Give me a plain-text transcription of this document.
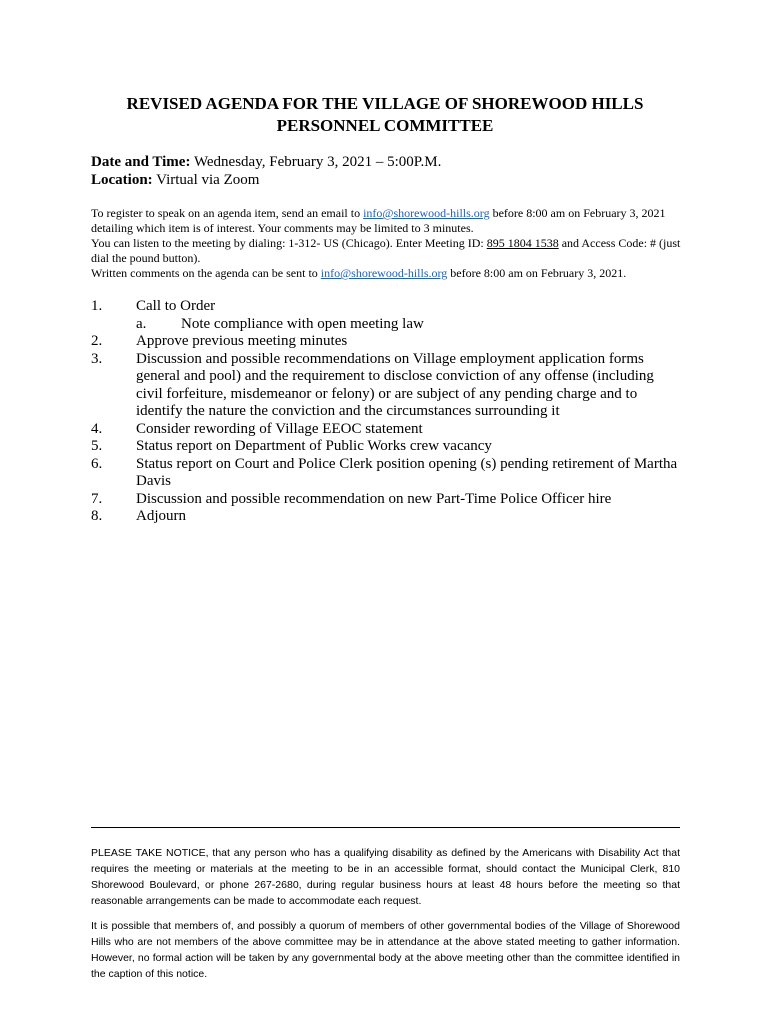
REVISED AGENDA FOR THE VILLAGE OF SHOREWOOD HILLS
PERSONNEL COMMITTEE
Date and Time: Wednesday, February 3, 2021 – 5:00P.M.
Location: Virtual via Zoom

To register to speak on an agenda item, send an email to info@shorewood-hills.org before 8:00 am on February 3, 2021 detailing which item is of interest. Your comments may be limited to 3 minutes.

You can listen to the meeting by dialing: 1-312- US (Chicago). Enter Meeting ID: 895 1804 1538 and Access Code: # (just dial the pound button).

Written comments on the agenda can be sent to info@shorewood-hills.org before 8:00 am on February 3, 2021.

1.	Call to Order
a.	Note compliance with open meeting law
2.	Approve previous meeting minutes
3.	Discussion and possible recommendations on Village employment application forms general and pool) and the requirement to disclose conviction of any offense (including civil forfeiture, misdemeanor or felony) or are subject of any pending charge and to identify the nature the conviction and the circumstances surrounding it
4.	Consider rewording of Village EEOC statement
5.	Status report on Department of Public Works crew vacancy
6.	Status report on Court and Police Clerk position opening (s) pending retirement of Martha Davis
7.	Discussion and possible recommendation on new Part-Time Police Officer hire
8.	Adjourn

PLEASE TAKE NOTICE, that any person who has a qualifying disability as defined by the Americans with Disability Act that requires the meeting or materials at the meeting to be in an accessible format, should contact the Municipal Clerk, 810 Shorewood Boulevard, or phone 267-2680, during regular business hours at least 48 hours before the meeting so that reasonable arrangements can be made to accommodate each request.

It is possible that members of, and possibly a quorum of members of other governmental bodies of the Village of Shorewood Hills who are not members of the above committee may be in attendance at the above stated meeting to gather information. However, no formal action will be taken by any governmental body at the above meeting other than the committee identified in the caption of this notice.
